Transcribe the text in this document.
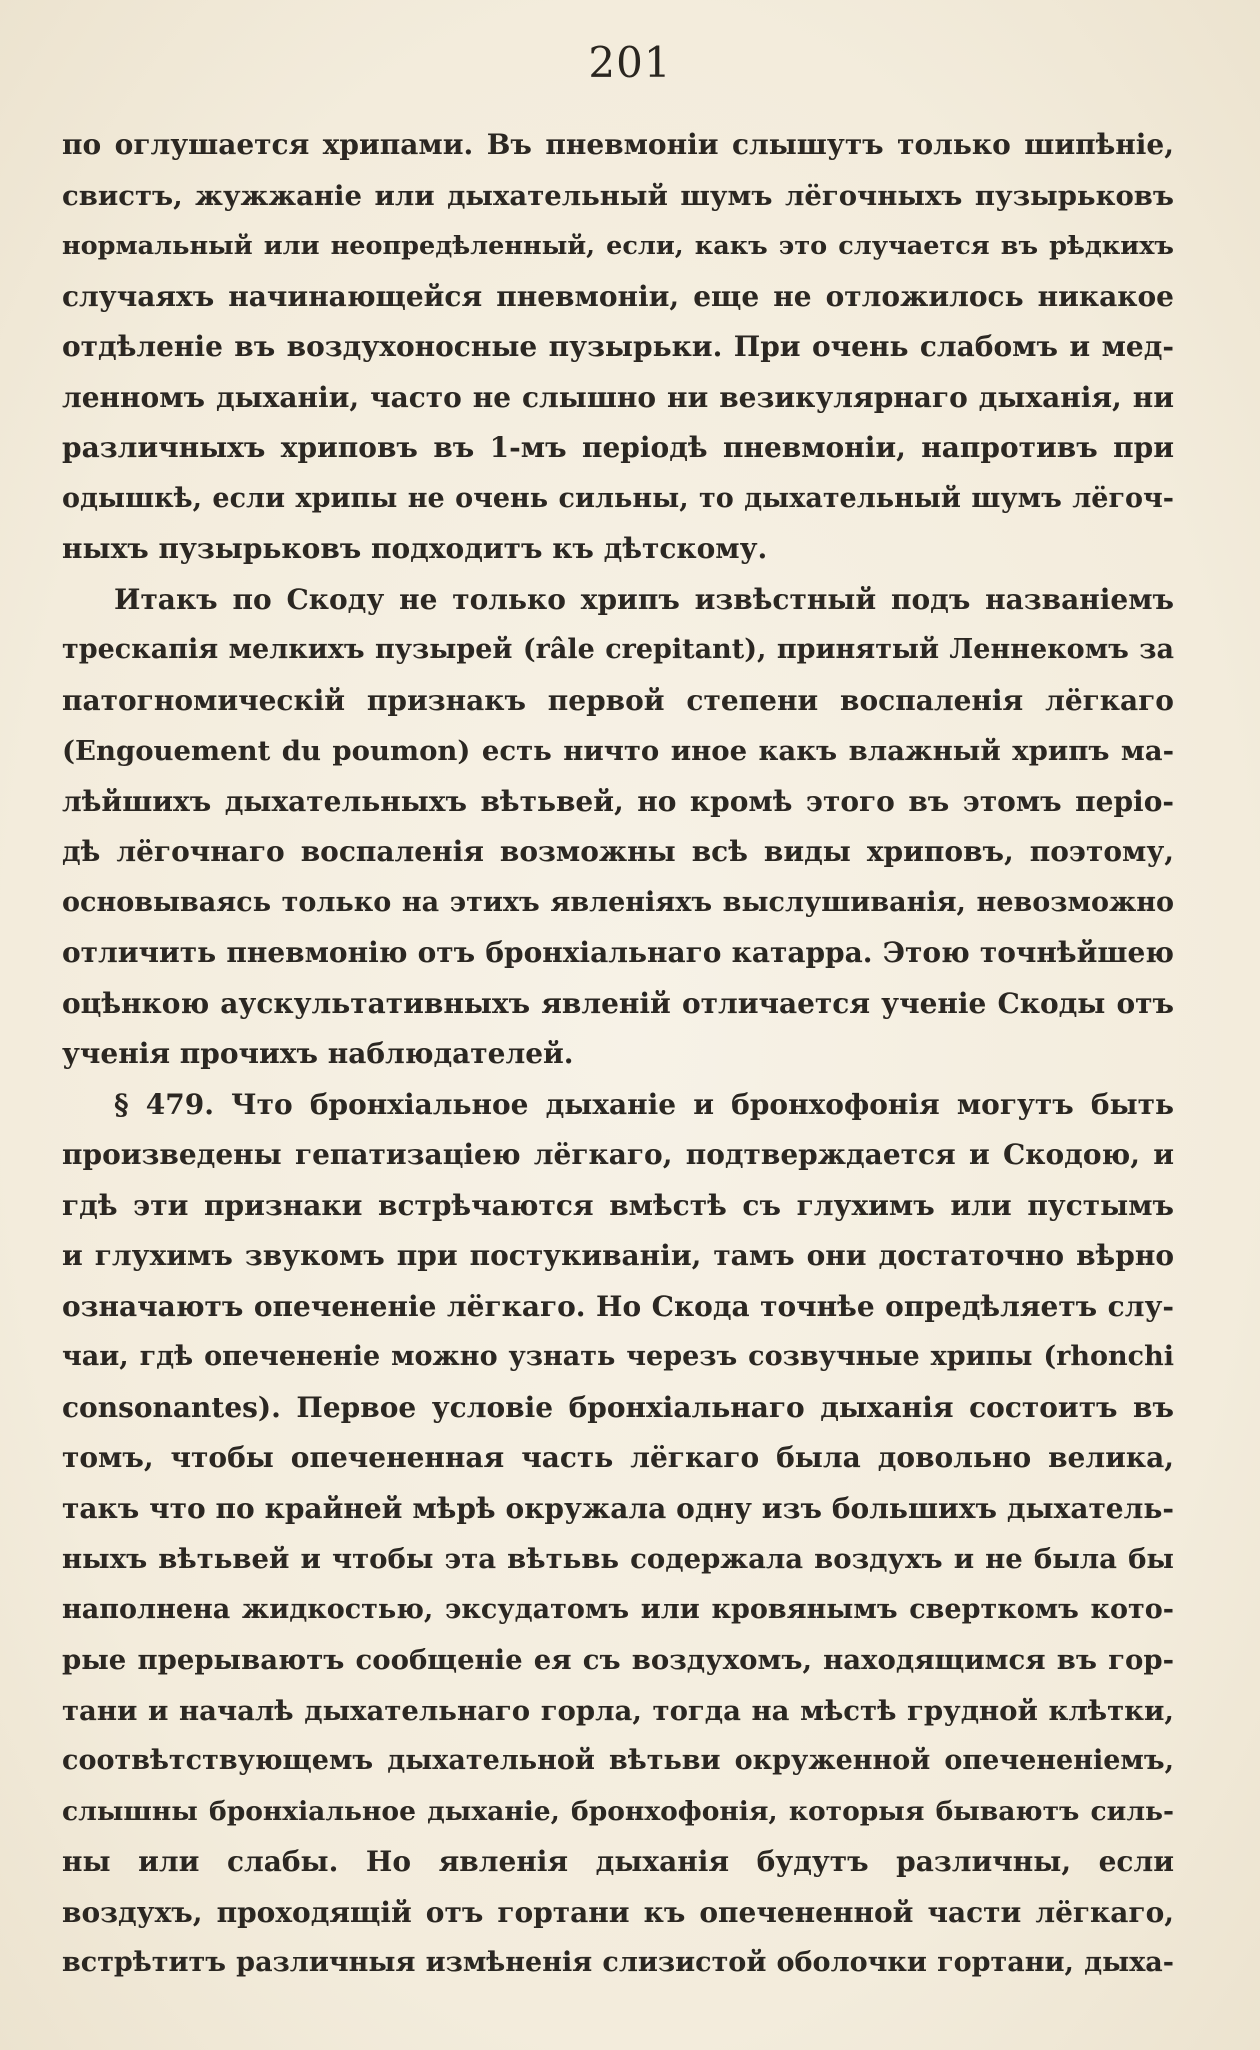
201
по оглушается хрипами. Въ пневмоніи слышутъ только шипѣніе,
свистъ, жужжаніе или дыхательный шумъ лёгочныхъ пузырьковъ
нормальный или неопредѣленный, если, какъ это случается въ рѣдкихъ
случаяхъ начинающейся пневмоніи, еще не отложилось никакое
отдѣленіе въ воздухоносные пузырьки. При очень слабомъ и мед-
ленномъ дыханіи, часто не слышно ни везикулярнаго дыханія, ни
различныхъ хриповъ въ 1-мъ періодѣ пневмоніи, напротивъ при
одышкѣ, если хрипы не очень сильны, то дыхательный шумъ лёгоч-
ныхъ пузырьковъ подходитъ къ дѣтскому.
Итакъ по Скоду не только хрипъ извѣстный подъ названіемъ
трескапія мелкихъ пузырей (râle crepitant), принятый Леннекомъ за
патогномическій признакъ первой степени воспаленія лёгкаго
(Engouement du poumon) есть ничто иное какъ влажный хрипъ ма-
лѣйшихъ дыхательныхъ вѣтьвей, но кромѣ этого въ этомъ періо-
дѣ лёгочнаго воспаленія возможны всѣ виды хриповъ, поэтому,
основываясь только на этихъ явленіяхъ выслушиванія, невозможно
отличить пневмонію отъ бронхіальнаго катарра. Этою точнѣйшею
оцѣнкою аускультативныхъ явленій отличается ученіе Скоды отъ
ученія прочихъ наблюдателей.
§ 479. Что бронхіальное дыханіе и бронхофонія могутъ быть
произведены гепатизаціею лёгкаго, подтверждается и Скодою, и
гдѣ эти признаки встрѣчаются вмѣстѣ съ глухимъ или пустымъ
и глухимъ звукомъ при постукиваніи, тамъ они достаточно вѣрно
означаютъ опечененіе лёгкаго. Но Скода точнѣе опредѣляетъ слу-
чаи, гдѣ опечененіе можно узнать черезъ созвучные хрипы (rhonchi
consonantes). Первое условіе бронхіальнаго дыханія состоитъ въ
томъ, чтобы опечененная часть лёгкаго была довольно велика,
такъ что по крайней мѣрѣ окружала одну изъ большихъ дыхатель-
ныхъ вѣтьвей и чтобы эта вѣтьвь содержала воздухъ и не была бы
наполнена жидкостью, эксудатомъ или кровянымъ сверткомъ кото-
рые прерываютъ сообщеніе ея съ воздухомъ, находящимся въ гор-
тани и началѣ дыхательнаго горла, тогда на мѣстѣ грудной клѣтки,
соотвѣтствующемъ дыхательной вѣтьви окруженной опечененіемъ,
слышны бронхіальное дыханіе, бронхофонія, которыя бываютъ силь-
ны или слабы. Но явленія дыханія будутъ различны, если
воздухъ, проходящій отъ гортани къ опечененной части лёгкаго,
встрѣтитъ различныя измѣненія слизистой оболочки гортани, дыха-
